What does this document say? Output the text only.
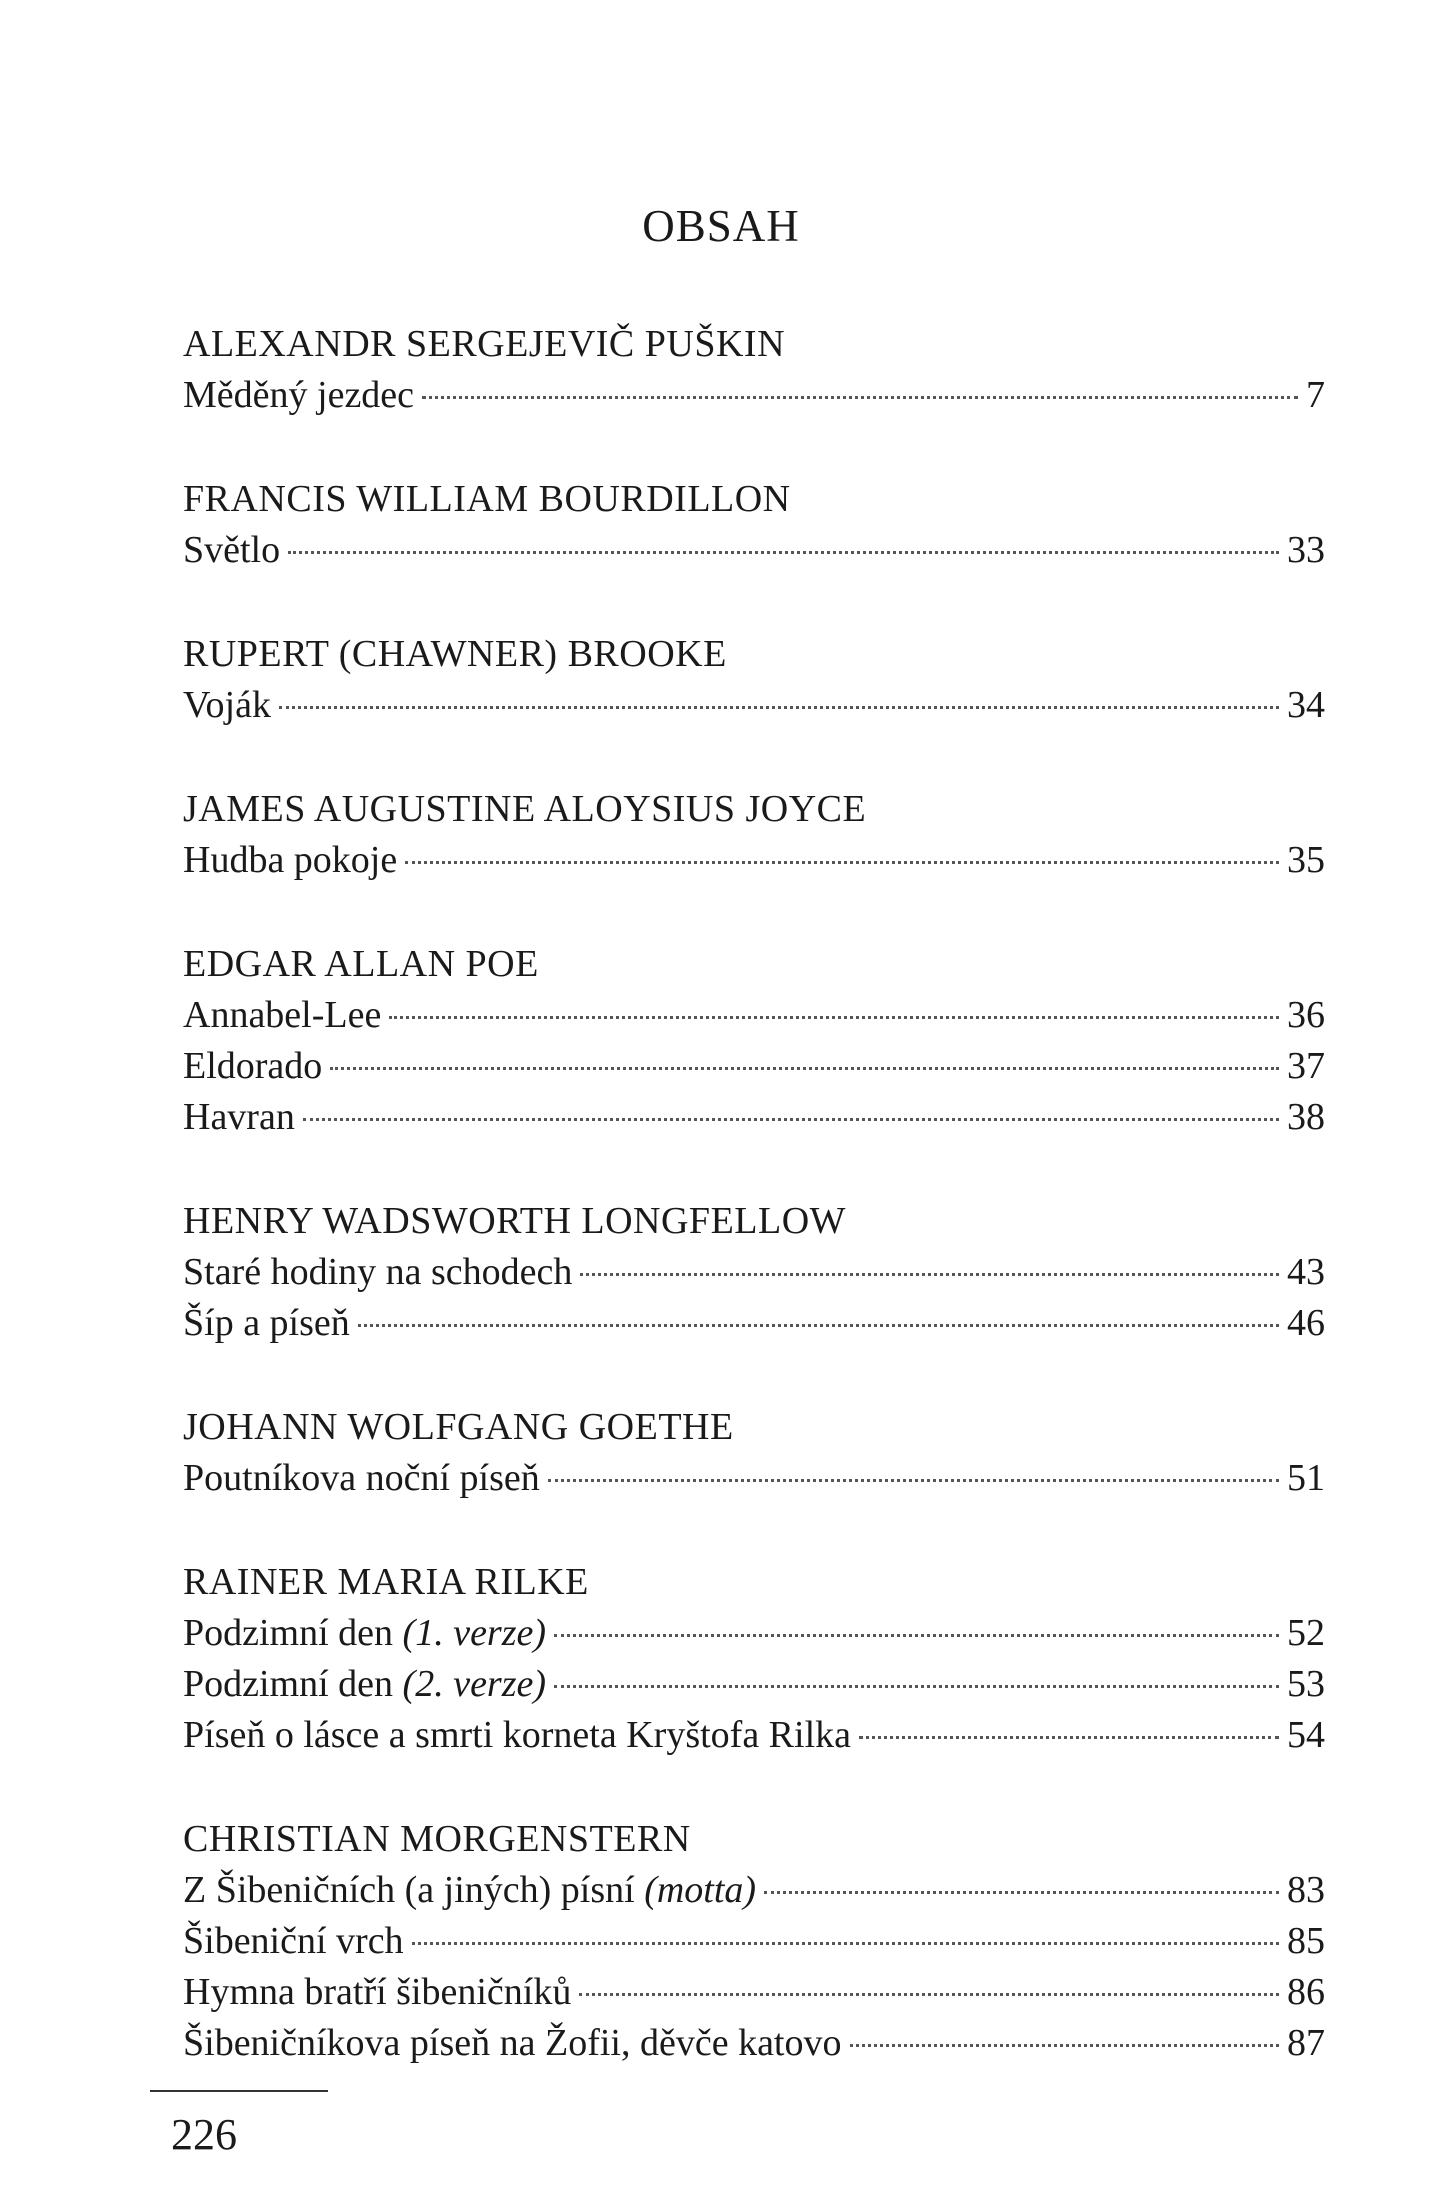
OBSAH
ALEXANDR SERGEJEVIČ PUŠKIN
Měděný jezdec	7
FRANCIS WILLIAM BOURDILLON
Světlo	33
RUPERT (CHAWNER) BROOKE
Voják	34
JAMES AUGUSTINE ALOYSIUS JOYCE
Hudba pokoje	35
EDGAR ALLAN POE
Annabel-Lee	36
Eldorado	37
Havran	38
HENRY WADSWORTH LONGFELLOW
Staré hodiny na schodech	43
Šíp a píseň	46
JOHANN WOLFGANG GOETHE
Poutníkova noční píseň	51
RAINER MARIA RILKE
Podzimní den (1. verze)	52
Podzimní den (2. verze)	53
Píseň o lásce a smrti korneta Kryštofa Rilka	54
CHRISTIAN MORGENSTERN
Z Šibeničních (a jiných) písní (motta)	83
Šibeniční vrch	85
Hymna bratří šibeničníků	86
Šibeničníkova píseň na Žofii, děvče katovo	87
226
